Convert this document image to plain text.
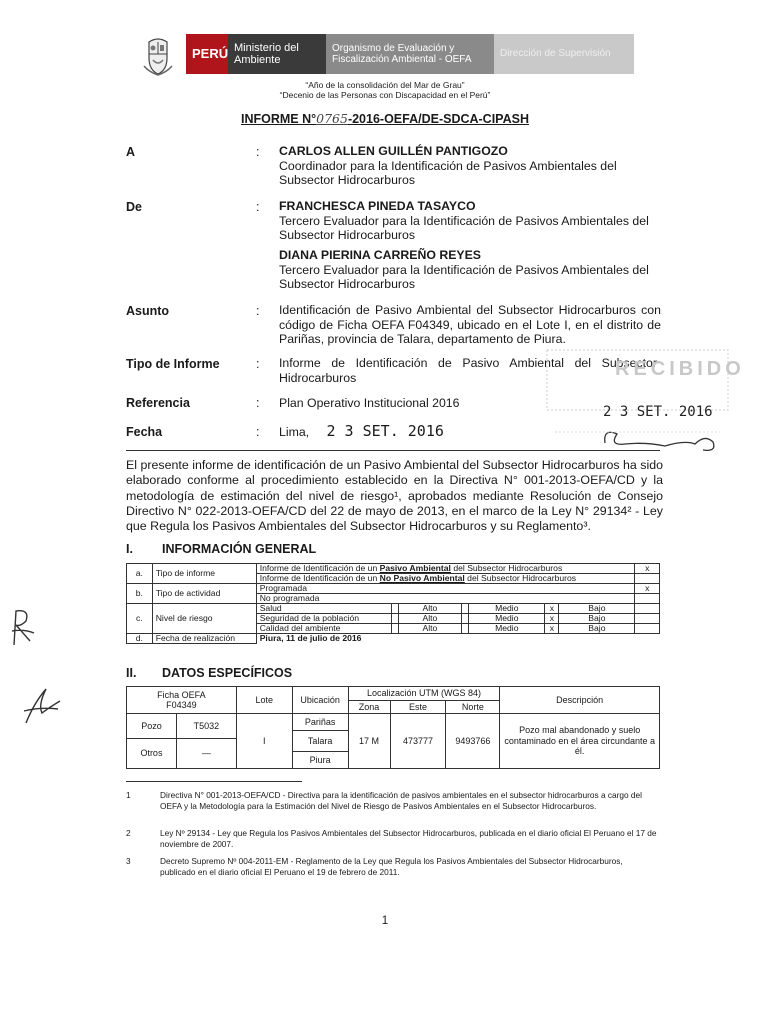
PERÚ Ministerio del Ambiente
Organismo de Evaluación y Fiscalización Ambiental - OEFA
Dirección de Supervisión
“Año de la consolidación del Mar de Grau”
“Decenio de las Personas con Discapacidad en el Perú”
INFORME N°0765-2016-OEFA/DE-SDCA-CIPASH
A	: CARLOS ALLEN GUILLÉN PANTIGOZO
Coordinador para la Identificación de Pasivos Ambientales del Subsector Hidrocarburos
De	: FRANCHESCA PINEDA TASAYCO
Tercero Evaluador para la Identificación de Pasivos Ambientales del Subsector Hidrocarburos
DIANA PIERINA CARREÑO REYES
Tercero Evaluador para la Identificación de Pasivos Ambientales del Subsector Hidrocarburos
Asunto	: Identificación de Pasivo Ambiental del Subsector Hidrocarburos con código de Ficha OEFA F04349, ubicado en el Lote I, en el distrito de Pariñas, provincia de Talara, departamento de Piura.
Tipo de Informe	: Informe de Identificación de Pasivo Ambiental del Subsector Hidrocarburos
Referencia	: Plan Operativo Institucional 2016
Fecha	: Lima, 2 3 SET. 2016
RECIBIDO
2 3 SET. 2016
El presente informe de identificación de un Pasivo Ambiental del Subsector Hidrocarburos ha sido elaborado conforme al procedimiento establecido en la Directiva N° 001-2013-OEFA/CD y la metodología de estimación del nivel de riesgo¹, aprobados mediante Resolución de Consejo Directivo N° 022-2013-OEFA/CD del 22 de mayo de 2013, en el marco de la Ley N° 29134² - Ley que Regula los Pasivos Ambientales del Subsector Hidrocarburos y su Reglamento³.
I. INFORMACIÓN GENERAL
a.	Tipo de informe	Informe de Identificación de un Pasivo Ambiental del Subsector Hidrocarburos							x
		Informe de Identificación de un No Pasivo Ambiental del Subsector Hidrocarburos							
b.	Tipo de actividad	Programada							x
		No programada							
c.	Nivel de riesgo	Salud		Alto		Medio	x	Bajo	
		Seguridad de la población		Alto		Medio	x	Bajo	
		Calidad del ambiente		Alto		Medio	x	Bajo	
d.	Fecha de realización	Piura, 11 de julio de 2016							
II. DATOS ESPECÍFICOS
Ficha OEFA
F04349		Lote	Ubicación	Localización UTM (WGS 84)			Descripción
				Zona	Este	Norte	
Pozo	T5032	I	Pariñas	17 M	473777	9493766	Pozo mal abandonado y suelo contaminado en el área circundante a él.
			Talara				
Otros	—						
			Piura				
1	Directiva N° 001-2013-OEFA/CD - Directiva para la identificación de pasivos ambientales en el subsector hidrocarburos a cargo del OEFA y la Metodología para la Estimación del Nivel de Riesgo de Pasivos Ambientales en el Subsector Hidrocarburos.
2	Ley Nº 29134 - Ley que Regula los Pasivos Ambientales del Subsector Hidrocarburos, publicada en el diario oficial El Peruano el 17 de noviembre de 2007.
3	Decreto Supremo Nº 004-2011-EM - Reglamento de la Ley que Regula los Pasivos Ambientales del Subsector Hidrocarburos, publicado en el diario oficial El Peruano el 19 de febrero de 2011.
1
